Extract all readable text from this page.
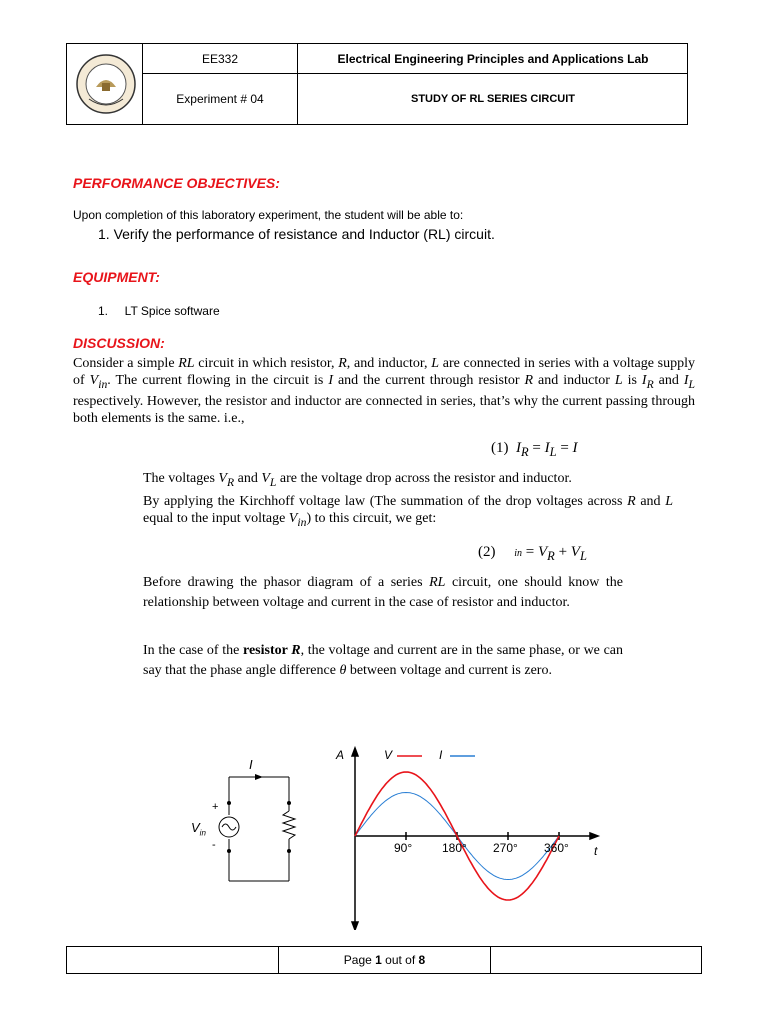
EE332	Electrical Engineering Principles and Applications Lab
Experiment # 04	STUDY OF RL SERIES CIRCUIT
PERFORMANCE OBJECTIVES:
Upon completion of this laboratory experiment, the student will be able to:
1. Verify the performance of resistance and Inductor (RL) circuit.
EQUIPMENT:
1.     LT Spice software
DISCUSSION:
Consider a simple RL circuit in which resistor, R, and inductor, L are connected in series with a voltage supply of $V_{in}$. The current flowing in the circuit is I and the current through resistor R and inductor L is $I_R$ and $I_L$ respectively. However, the resistor and inductor are connected in series, that’s why the current passing through both elements is the same. i.e.,
(1)  $I_R = I_L = I$
The voltages $V_R$ and $V_L$ are the voltage drop across the resistor and inductor.
By applying the Kirchhoff voltage law (The summation of the drop voltages across R and L equal to the input voltage $V_{in}$) to this circuit, we get:
(2)     in = $V_R + V_L$
Before drawing the phasor diagram of a series RL circuit, one should know the relationship between voltage and current in the case of resistor and inductor.
In the case of the resistor R, the voltage and current are in the same phase, or we can say that the phase angle difference θ between voltage and current is zero.
I
+
-
$V_{in}$
A	V	I
t
90° 180° 270° 360°
Page 1 out of 8
